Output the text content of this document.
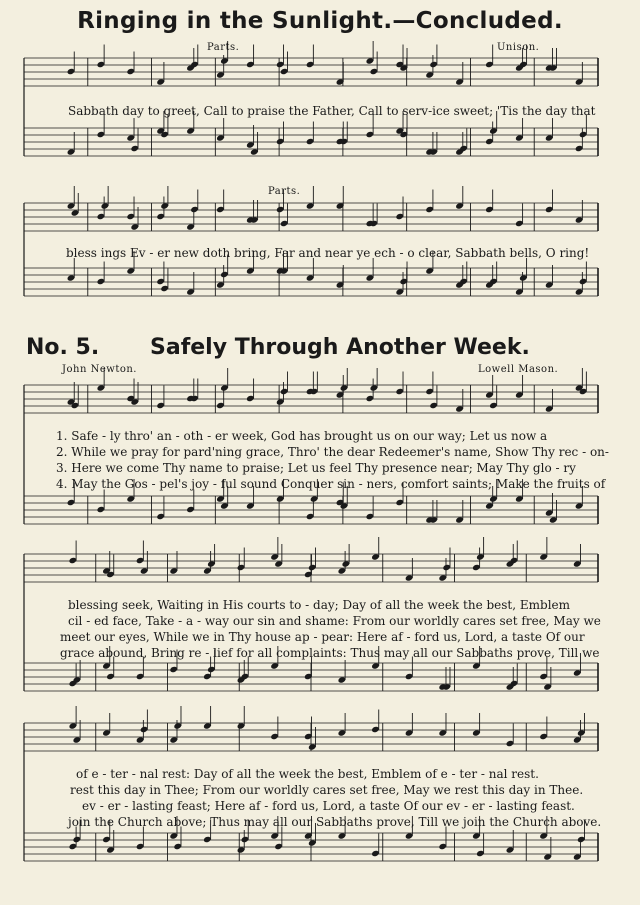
Ringing in the Sunlight.—Concluded.
Parts.	Unison.
Parts.
Sabbath day to greet, Call to praise the Father, Call to serv-ice sweet; 'Tis the day that
bless ings Ev - er new doth bring, Far and near ye ech - o clear, Sabbath bells, O ring!
No. 5. Safely Through Another Week.
John Newton.	Lowell Mason.
1. Safe - ly thro' an - oth - er week, God has brought us on our way; Let us now a
2. While we pray for pard'ning grace, Thro' the dear Redeemer's name, Show Thy rec - on-
3. Here we come Thy name to praise; Let us feel Thy presence near; May Thy glo - ry
4. May the Gos - pel's joy - ful sound Conquer sin - ners, comfort saints; Make the fruits of
blessing seek, Waiting in His courts to - day; Day of all the week the best, Emblem
cil - ed face, Take - a - way our sin and shame: From our worldly cares set free, May we
meet our eyes, While we in Thy house ap - pear: Here af - ford us, Lord, a taste Of our
grace abound, Bring re - lief for all complaints: Thus may all our Sabbaths prove, Till we
of e - ter - nal rest: Day of all the week the best, Emblem of e - ter - nal rest.
rest this day in Thee; From our worldly cares set free, May we rest this day in Thee.
ev - er - lasting feast; Here af - ford us, Lord, a taste Of our ev - er - lasting feast.
join the Church above; Thus may all our Sabbaths prove, Till we join the Church above.
